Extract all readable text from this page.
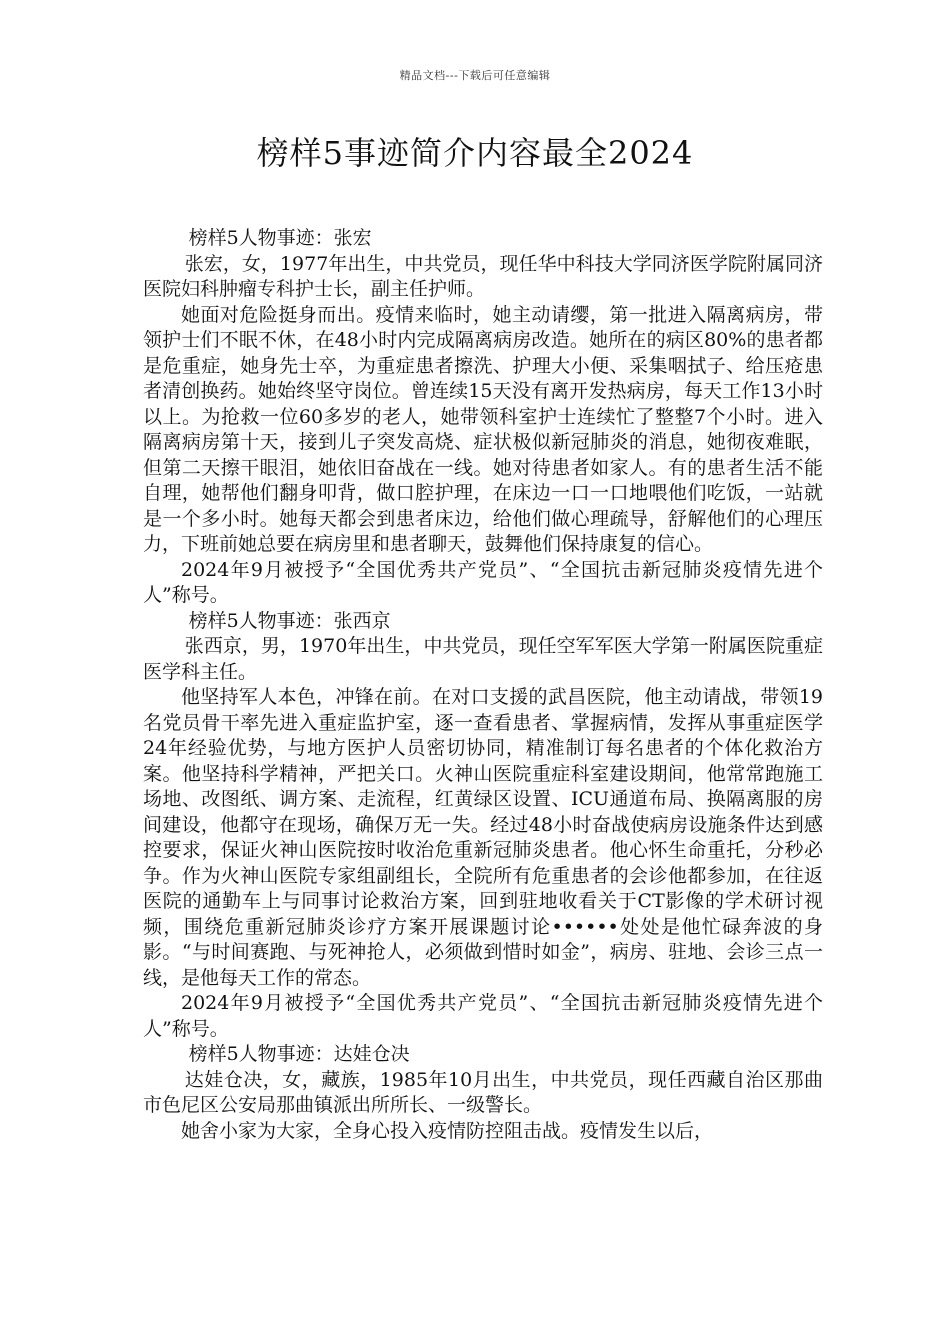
精品文档---下载后可任意编辑
榜样5事迹简介内容最全2024

榜样5人物事迹：张宏

张宏，女，1977年出生，中共党员，现任华中科技大学同济医学院附属同济医院妇科肿瘤专科护士长，副主任护师。

她面对危险挺身而出。疫情来临时，她主动请缨，第一批进入隔离病房，带领护士们不眠不休，在48小时内完成隔离病房改造。她所在的病区80%的患者都是危重症，她身先士卒，为重症患者擦洗、护理大小便、采集咽拭子、给压疮患者清创换药。她始终坚守岗位。曾连续15天没有离开发热病房，每天工作13小时以上。为抢救一位60多岁的老人，她带领科室护士连续忙了整整7个小时。进入隔离病房第十天，接到儿子突发高烧、症状极似新冠肺炎的消息，她彻夜难眠，但第二天擦干眼泪，她依旧奋战在一线。她对待患者如家人。有的患者生活不能自理，她帮他们翻身叩背，做口腔护理，在床边一口一口地喂他们吃饭，一站就是一个多小时。她每天都会到患者床边，给他们做心理疏导，舒解他们的心理压力，下班前她总要在病房里和患者聊天，鼓舞他们保持康复的信心。

2024年9月被授予“全国优秀共产党员”、“全国抗击新冠肺炎疫情先进个人”称号。

榜样5人物事迹：张西京

张西京，男，1970年出生，中共党员，现任空军军医大学第一附属医院重症医学科主任。

他坚持军人本色，冲锋在前。在对口支援的武昌医院，他主动请战，带领19名党员骨干率先进入重症监护室，逐一查看患者、掌握病情，发挥从事重症医学24年经验优势，与地方医护人员密切协同，精准制订每名患者的个体化救治方案。他坚持科学精神，严把关口。火神山医院重症科室建设期间，他常常跑施工场地、改图纸、调方案、走流程，红黄绿区设置、ICU通道布局、换隔离服的房间建设，他都守在现场，确保万无一失。经过48小时奋战使病房设施条件达到感控要求，保证火神山医院按时收治危重新冠肺炎患者。他心怀生命重托，分秒必争。作为火神山医院专家组副组长，全院所有危重患者的会诊他都参加，在往返医院的通勤车上与同事讨论救治方案，回到驻地收看关于CT影像的学术研讨视频，围绕危重新冠肺炎诊疗方案开展课题讨论••••••处处是他忙碌奔波的身影。“与时间赛跑、与死神抢人，必须做到惜时如金”，病房、驻地、会诊三点一线，是他每天工作的常态。

2024年9月被授予“全国优秀共产党员”、“全国抗击新冠肺炎疫情先进个人”称号。

榜样5人物事迹：达娃仓决

达娃仓决，女，藏族，1985年10月出生，中共党员，现任西藏自治区那曲市色尼区公安局那曲镇派出所所长、一级警长。

她舍小家为大家，全身心投入疫情防控阻击战。疫情发生以后，
